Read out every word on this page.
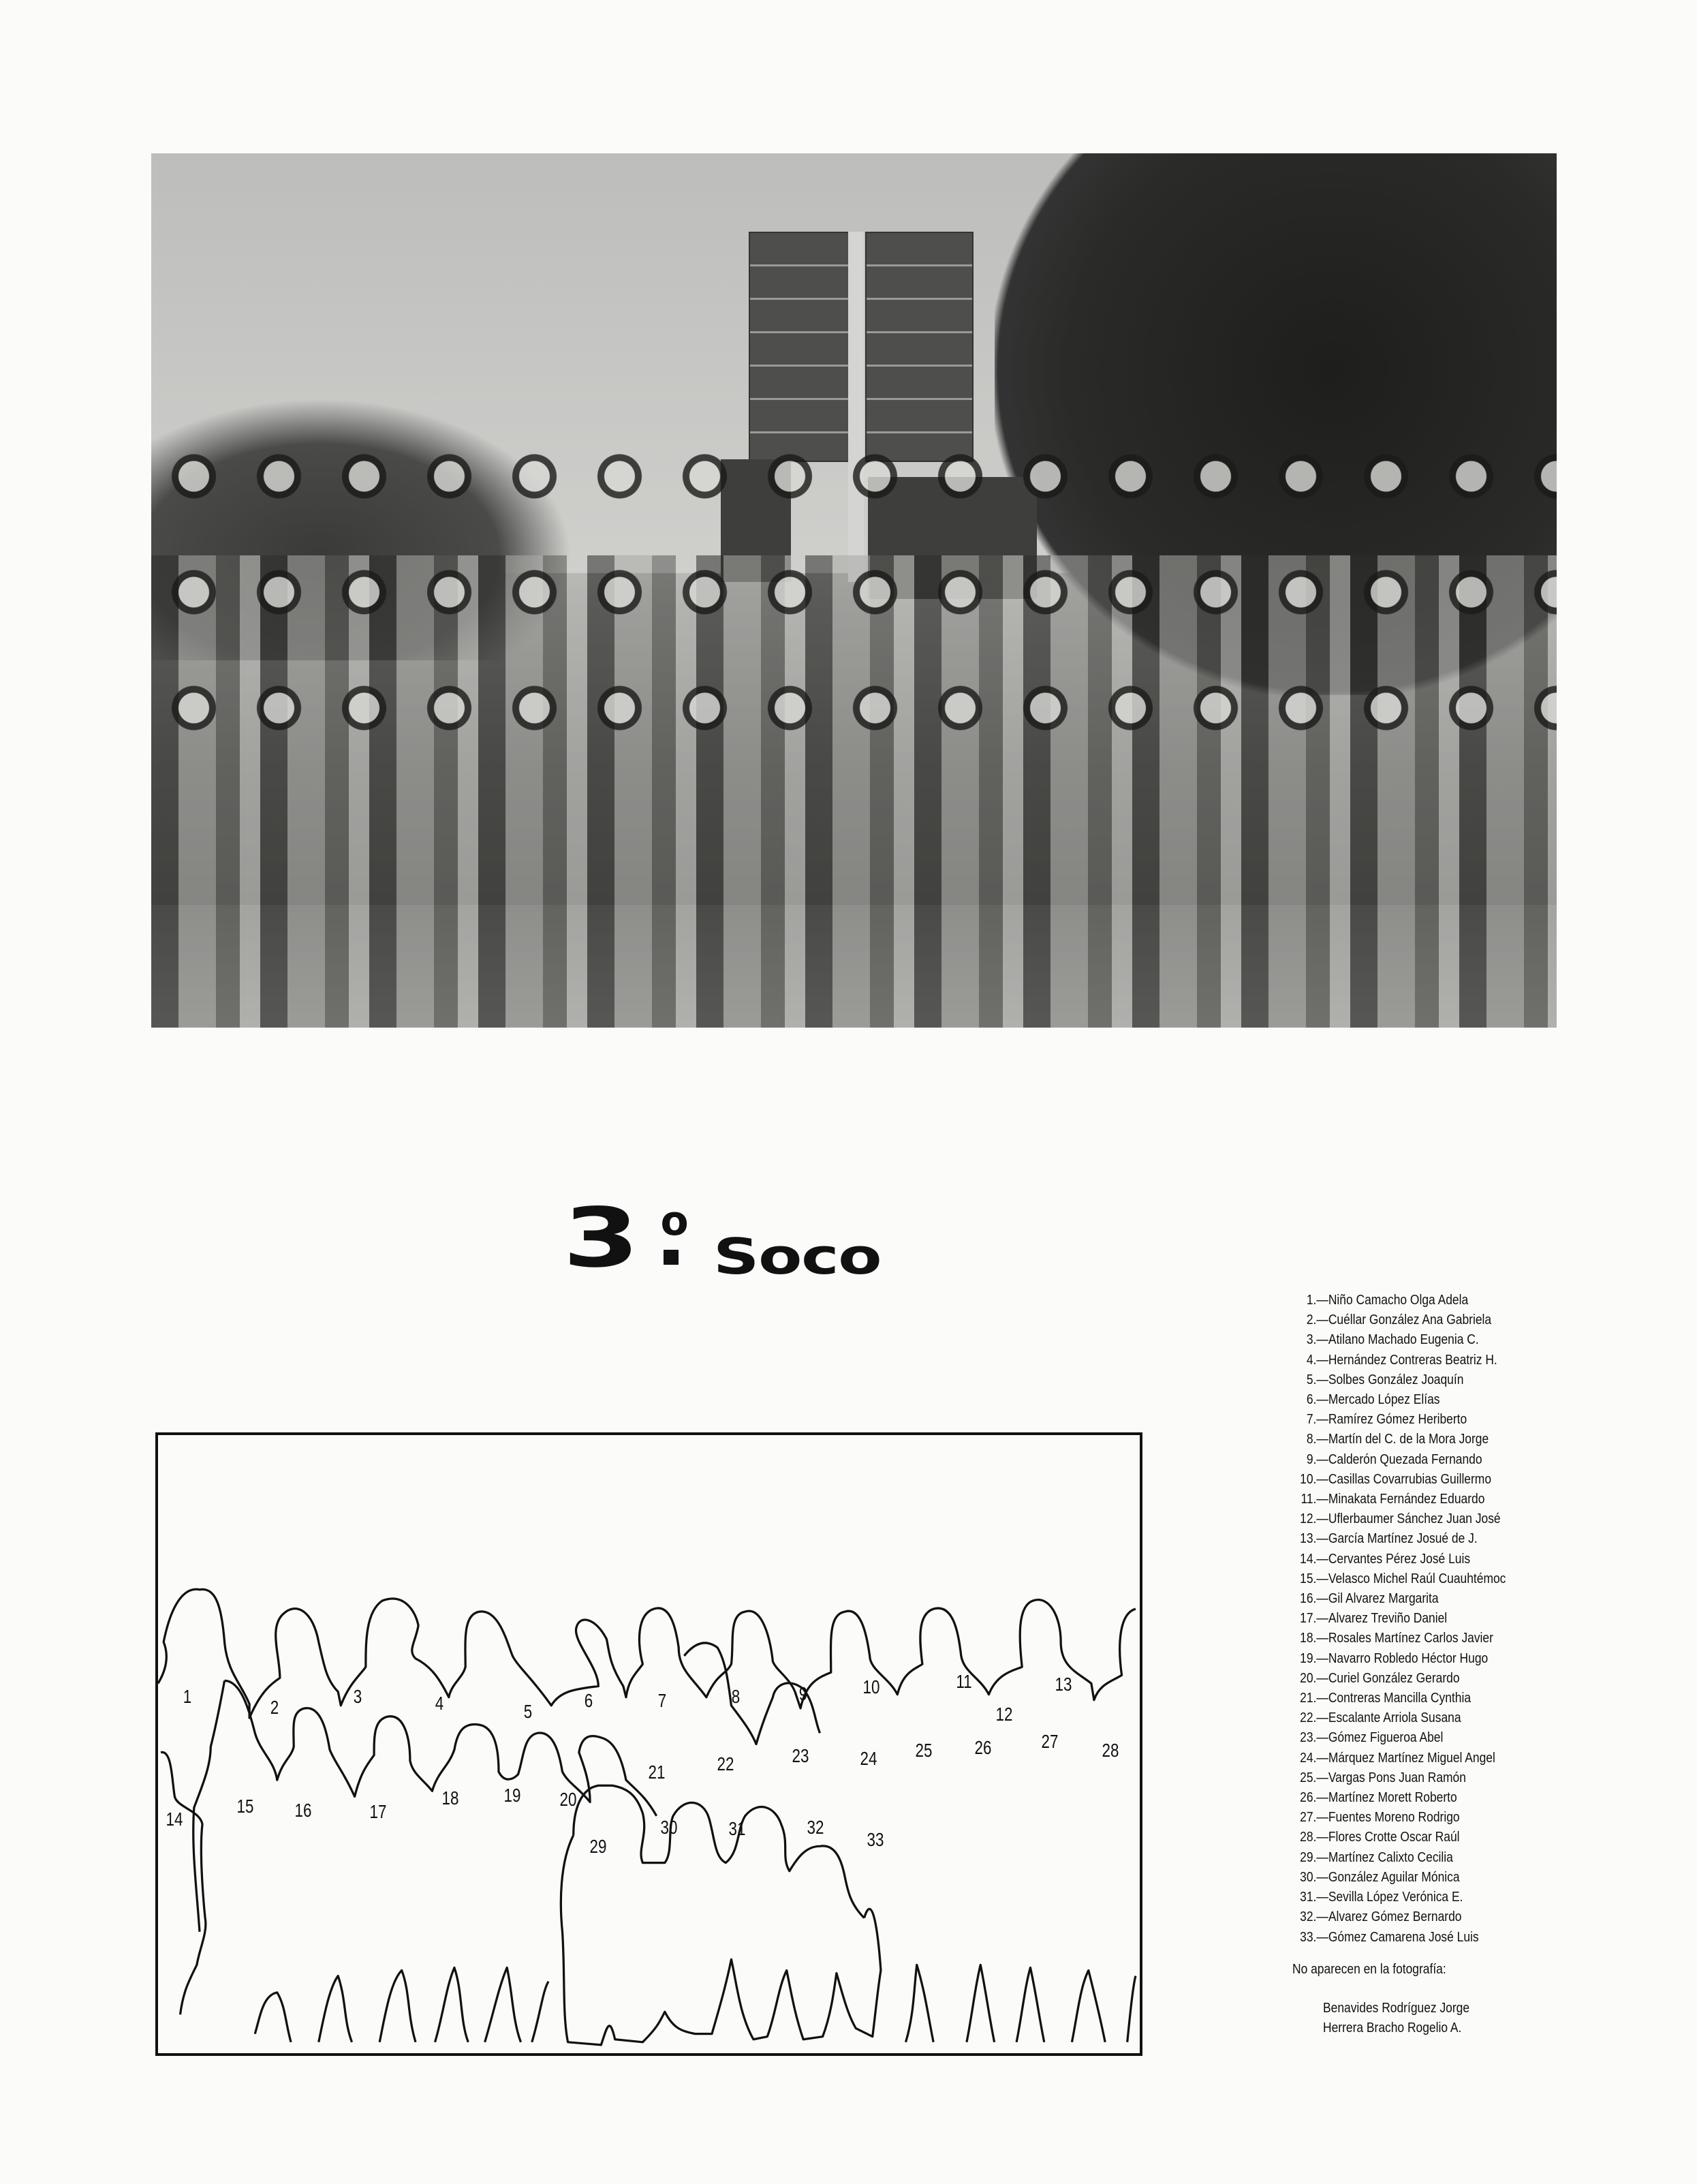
3 o
Soco
1
2
3	4	5
6	7	8	9	10	11
12
13
14
15 16	17
18 19 20
21	22	23	24 25 26	27 28
29
30	31	32
33
1.—Niño Camacho Olga Adela
2.—Cuéllar González Ana Gabriela
3.—Atilano Machado Eugenia C.
4.—Hernández Contreras Beatriz H.
5.—Solbes González Joaquín
6.—Mercado López Elías
7.—Ramírez Gómez Heriberto
8.—Martín del C. de la Mora Jorge
9.—Calderón Quezada Fernando
10.—Casillas Covarrubias Guillermo
11.—Minakata Fernández Eduardo
12.—Uflerbaumer Sánchez Juan José
13.—García Martínez Josué de J.
14.—Cervantes Pérez José Luis
15.—Velasco Michel Raúl Cuauhtémoc
16.—Gil Alvarez Margarita
17.—Alvarez Treviño Daniel
18.—Rosales Martínez Carlos Javier
19.—Navarro Robledo Héctor Hugo
20.—Curiel González Gerardo
21.—Contreras Mancilla Cynthia
22.—Escalante Arriola Susana
23.—Gómez Figueroa Abel
24.—Márquez Martínez Miguel Angel
25.—Vargas Pons Juan Ramón
26.—Martínez Morett Roberto
27.—Fuentes Moreno Rodrigo
28.—Flores Crotte Oscar Raúl
29.—Martínez Calixto Cecilia
30.—González Aguilar Mónica
31.—Sevilla López Verónica E.
32.—Alvarez Gómez Bernardo
33.—Gómez Camarena José Luis
No aparecen en la fotografía:
Benavides Rodríguez Jorge
Herrera Bracho Rogelio A.
